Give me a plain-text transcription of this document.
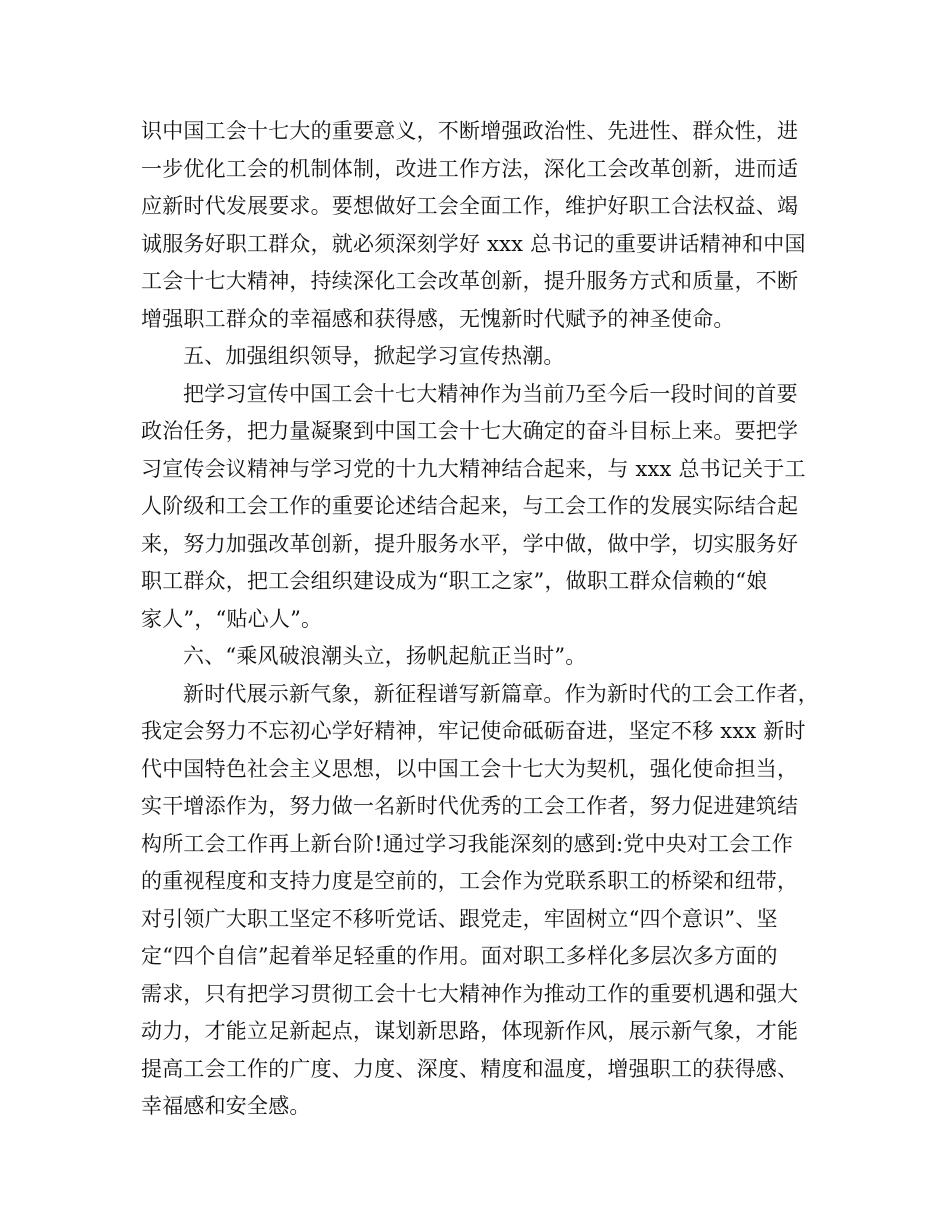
识中国工会十七大的重要意义，不断增强政治性、先进性、群众性，进
一步优化工会的机制体制，改进工作方法，深化工会改革创新，进而适
应新时代发展要求。要想做好工会全面工作，维护好职工合法权益、竭
诚服务好职工群众，就必须深刻学好 xxx 总书记的重要讲话精神和中国
工会十七大精神，持续深化工会改革创新，提升服务方式和质量，不断
增强职工群众的幸福感和获得感，无愧新时代赋予的神圣使命。
五、加强组织领导，掀起学习宣传热潮。
把学习宣传中国工会十七大精神作为当前乃至今后一段时间的首要
政治任务，把力量凝聚到中国工会十七大确定的奋斗目标上来。要把学
习宣传会议精神与学习党的十九大精神结合起来，与 xxx 总书记关于工
人阶级和工会工作的重要论述结合起来，与工会工作的发展实际结合起
来，努力加强改革创新，提升服务水平，学中做，做中学，切实服务好
职工群众，把工会组织建设成为“职工之家”，做职工群众信赖的“娘
家人”，“贴心人”。
六、“乘风破浪潮头立，扬帆起航正当时”。
新时代展示新气象，新征程谱写新篇章。作为新时代的工会工作者，
我定会努力不忘初心学好精神，牢记使命砥砺奋进，坚定不移 xxx 新时
代中国特色社会主义思想，以中国工会十七大为契机，强化使命担当，
实干增添作为，努力做一名新时代优秀的工会工作者，努力促进建筑结
构所工会工作再上新台阶!通过学习我能深刻的感到:党中央对工会工作
的重视程度和支持力度是空前的，工会作为党联系职工的桥梁和纽带，
对引领广大职工坚定不移听党话、跟党走，牢固树立“四个意识”、坚
定“四个自信”起着举足轻重的作用。面对职工多样化多层次多方面的
需求，只有把学习贯彻工会十七大精神作为推动工作的重要机遇和强大
动力，才能立足新起点，谋划新思路，体现新作风，展示新气象，才能
提高工会工作的广度、力度、深度、精度和温度，增强职工的获得感、
幸福感和安全感。
